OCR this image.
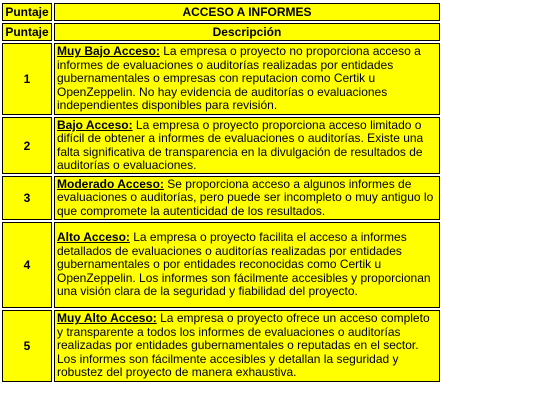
Puntaje	ACCESO A INFORMES
Puntaje	Descripción
1	Muy Bajo Acceso: La empresa o proyecto no proporciona acceso a informes de evaluaciones o auditorías realizadas por entidades gubernamentales o empresas con reputacion como Certik u OpenZeppelin. No hay evidencia de auditorías o evaluaciones independientes disponibles para revisión.
2	Bajo Acceso: La empresa o proyecto proporciona acceso limitado o difícil de obtener a informes de evaluaciones o auditorías. Existe una falta significativa de transparencia en la divulgación de resultados de auditorías o evaluaciones.
3	Moderado Acceso: Se proporciona acceso a algunos informes de evaluaciones o auditorías, pero puede ser incompleto o muy antiguo lo que compromete la autenticidad de los resultados.
4	Alto Acceso: La empresa o proyecto facilita el acceso a informes detallados de evaluaciones o auditorías realizadas por entidades gubernamentales o por entidades reconocidas como Certik u OpenZeppelin. Los informes son fácilmente accesibles y proporcionan una visión clara de la seguridad y fiabilidad del proyecto.
5	Muy Alto Acceso: La empresa o proyecto ofrece un acceso completo y transparente a todos los informes de evaluaciones o auditorías realizadas por entidades gubernamentales o reputadas en el sector. Los informes son fácilmente accesibles y detallan la seguridad y robustez del proyecto de manera exhaustiva.
